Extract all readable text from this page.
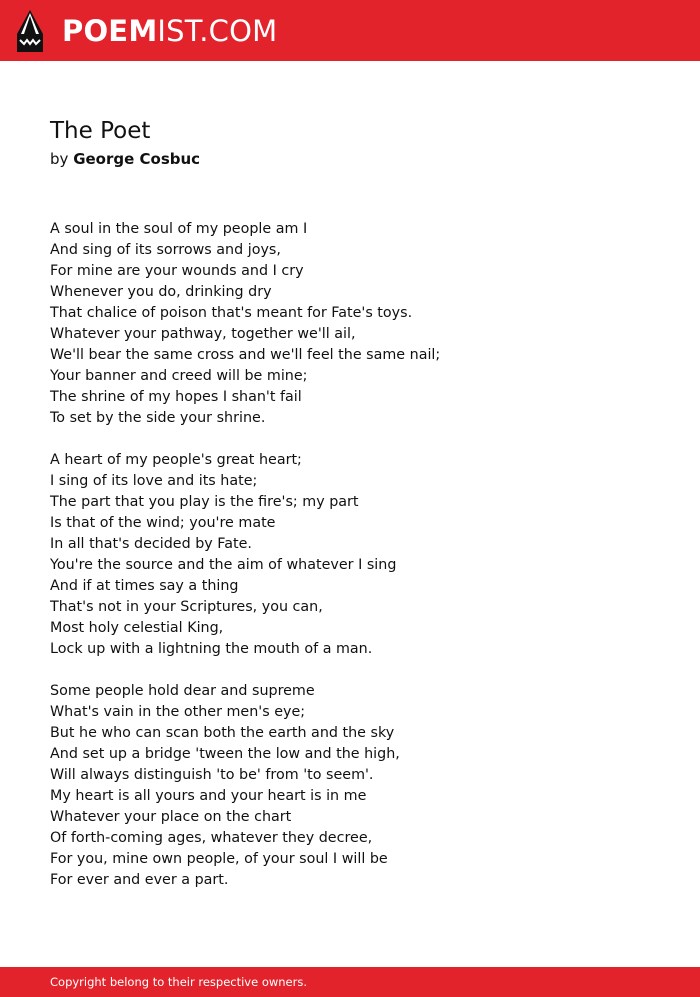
POEMIST.COM
The Poet
by George Cosbuc
A soul in the soul of my people am I
And sing of its sorrows and joys,
For mine are your wounds and I cry
Whenever you do, drinking dry
That chalice of poison that's meant for Fate's toys.
Whatever your pathway, together we'll ail,
We'll bear the same cross and we'll feel the same nail;
Your banner and creed will be mine;
The shrine of my hopes I shan't fail
To set by the side your shrine.
A heart of my people's great heart;
I sing of its love and its hate;
The part that you play is the fire's; my part
Is that of the wind; you're mate
In all that's decided by Fate.
You're the source and the aim of whatever I sing
And if at times say a thing
That's not in your Scriptures, you can,
Most holy celestial King,
Lock up with a lightning the mouth of a man.
Some people hold dear and supreme
What's vain in the other men's eye;
But he who can scan both the earth and the sky
And set up a bridge 'tween the low and the high,
Will always distinguish 'to be' from 'to seem'.
My heart is all yours and your heart is in me
Whatever your place on the chart
Of forth-coming ages, whatever they decree,
For you, mine own people, of your soul I will be
For ever and ever a part.
Copyright belong to their respective owners.
